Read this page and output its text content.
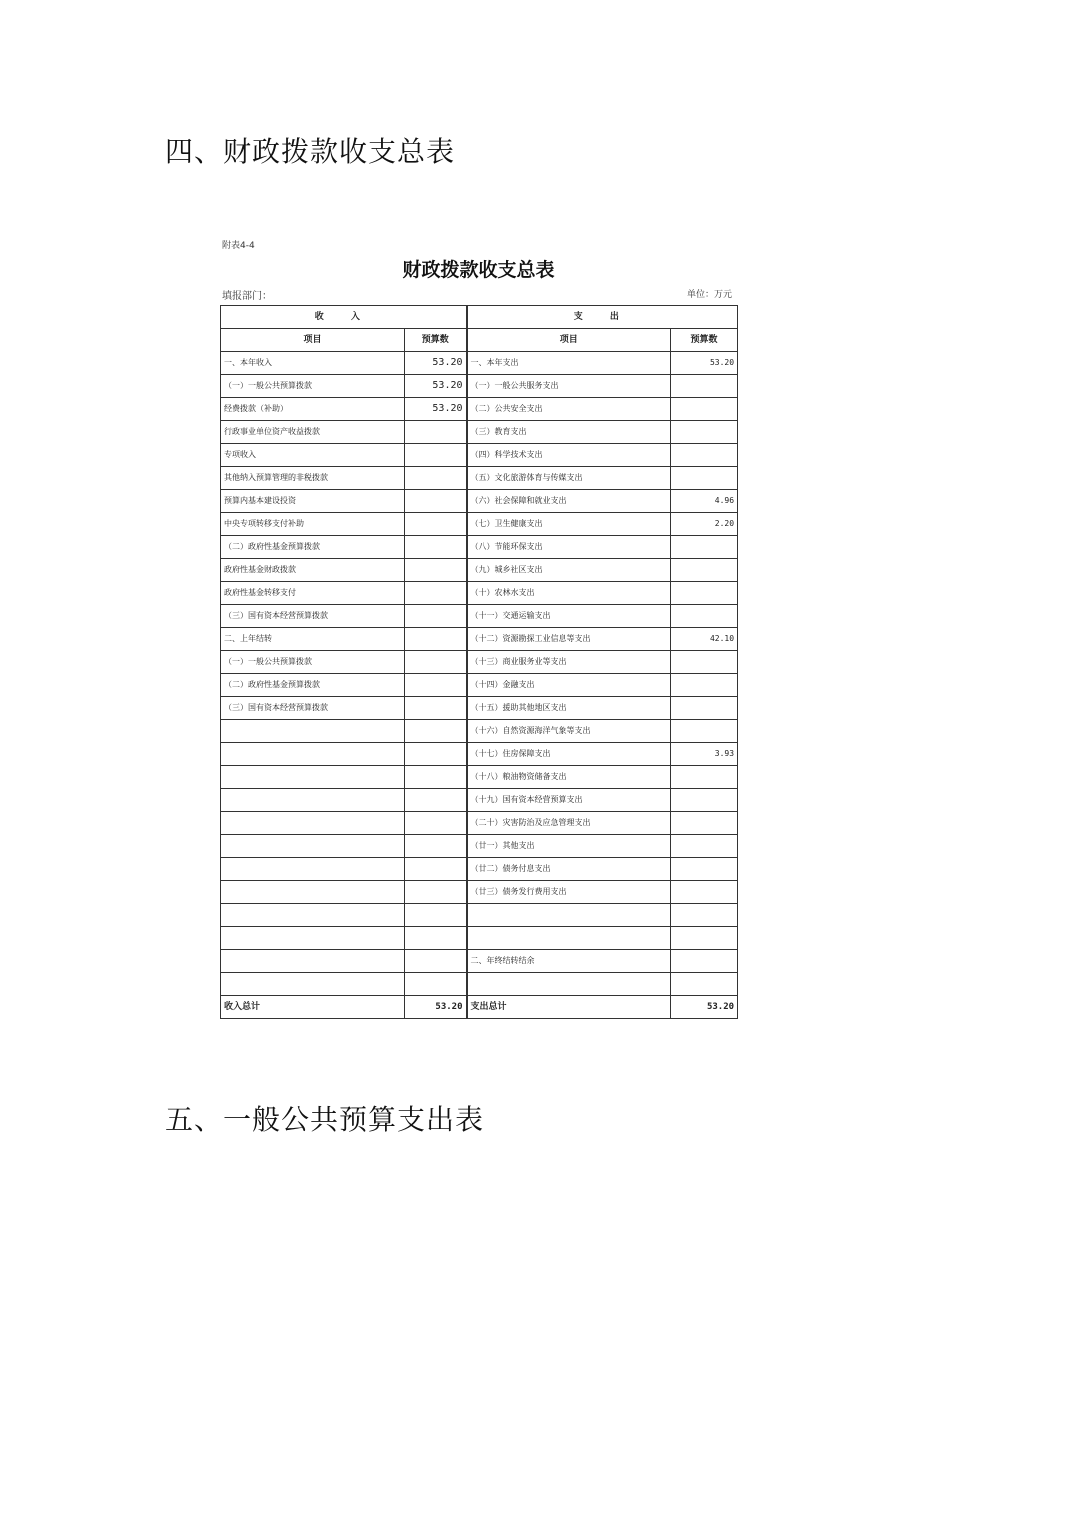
四、财政拨款收支总表
附表4-4
财政拨款收支总表
填报部门：	单位：万元
收 入		支 出	
项目	预算数	项目	预算数
一、本年收入	53.20	一、本年支出	53.20
（一）一般公共预算拨款	53.20	（一）一般公共服务支出	
经费拨款（补助）	53.20	（二）公共安全支出	
行政事业单位资产收益拨款		（三）教育支出	
专项收入		（四）科学技术支出	
其他纳入预算管理的非税拨款		（五）文化旅游体育与传媒支出	
预算内基本建设投资		（六）社会保障和就业支出	4.96
中央专项转移支付补助		（七）卫生健康支出	2.20
（二）政府性基金预算拨款		（八）节能环保支出	
政府性基金财政拨款		（九）城乡社区支出	
政府性基金转移支付		（十）农林水支出	
（三）国有资本经营预算拨款		（十一）交通运输支出	
二、上年结转		（十二）资源勘探工业信息等支出	42.10
（一）一般公共预算拨款		（十三）商业服务业等支出	
（二）政府性基金预算拨款		（十四）金融支出	
（三）国有资本经营预算拨款		（十五）援助其他地区支出	
		（十六）自然资源海洋气象等支出	
		（十七）住房保障支出	3.93
		（十八）粮油物资储备支出	
		（十九）国有资本经营预算支出	
		（二十）灾害防治及应急管理支出	
		（廿一）其他支出	
		（廿二）债务付息支出	
		（廿三）债务发行费用支出	

		二、年终结转结余	

收入总计	53.20	支出总计	53.20
五、一般公共预算支出表
